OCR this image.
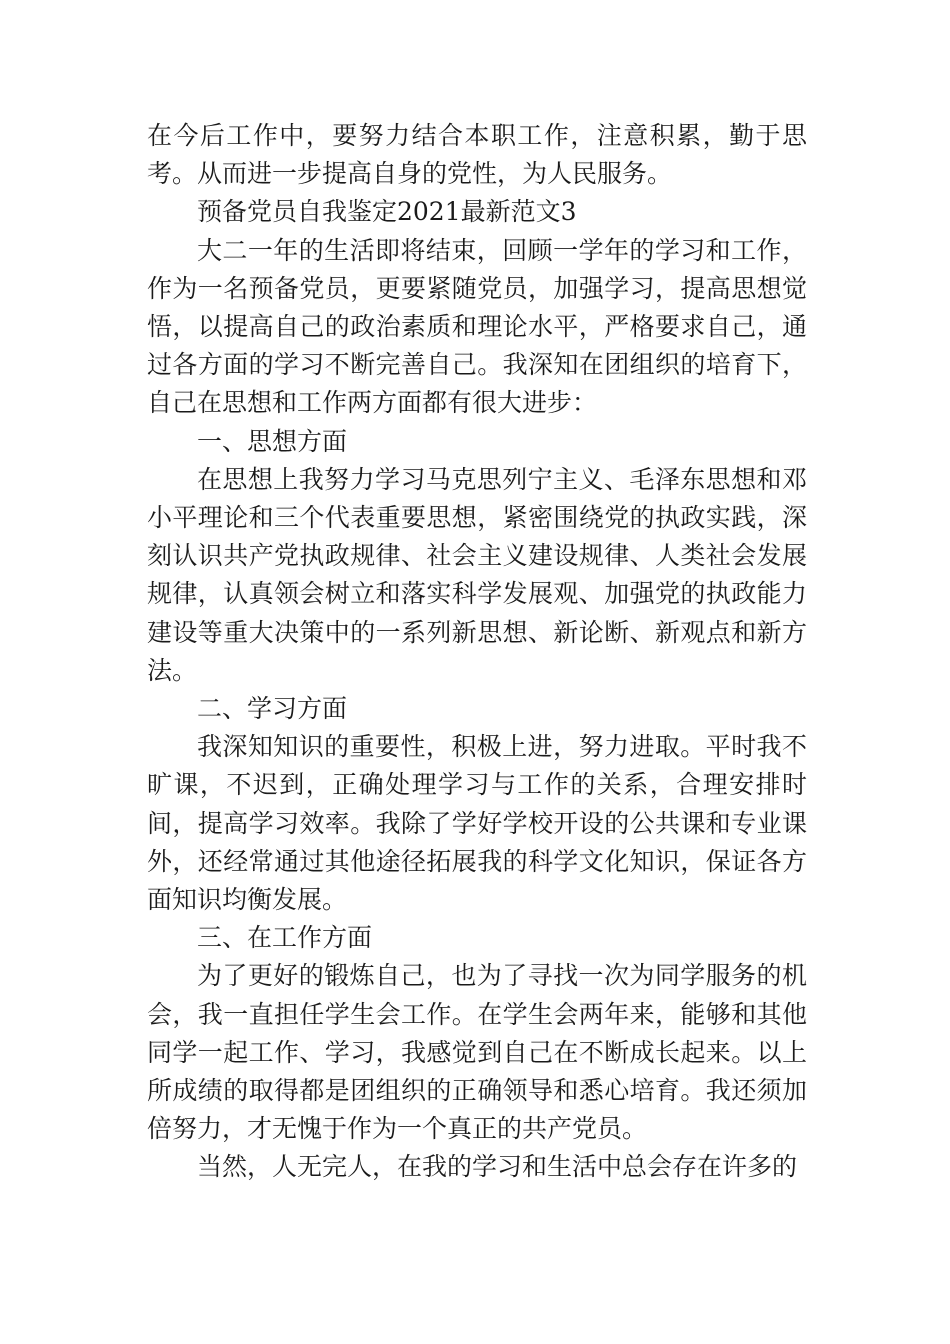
在今后工作中，要努力结合本职工作，注意积累，勤于思考。从而进一步提高自身的党性，为人民服务。

预备党员自我鉴定2021最新范文3

大二一年的生活即将结束，回顾一学年的学习和工作，作为一名预备党员，更要紧随党员，加强学习，提高思想觉悟，以提高自己的政治素质和理论水平，严格要求自己，通过各方面的学习不断完善自己。我深知在团组织的培育下，自己在思想和工作两方面都有很大进步：

一、思想方面

在思想上我努力学习马克思列宁主义、毛泽东思想和邓小平理论和三个代表重要思想，紧密围绕党的执政实践，深刻认识共产党执政规律、社会主义建设规律、人类社会发展规律，认真领会树立和落实科学发展观、加强党的执政能力建设等重大决策中的一系列新思想、新论断、新观点和新方法。

二、学习方面

我深知知识的重要性，积极上进，努力进取。平时我不旷课，不迟到，正确处理学习与工作的关系，合理安排时间，提高学习效率。我除了学好学校开设的公共课和专业课外，还经常通过其他途径拓展我的科学文化知识，保证各方面知识均衡发展。

三、在工作方面

为了更好的锻炼自己，也为了寻找一次为同学服务的机会，我一直担任学生会工作。在学生会两年来，能够和其他同学一起工作、学习，我感觉到自己在不断成长起来。以上所成绩的取得都是团组织的正确领导和悉心培育。我还须加倍努力，才无愧于作为一个真正的共产党员。

当然，人无完人，在我的学习和生活中总会存在许多的
